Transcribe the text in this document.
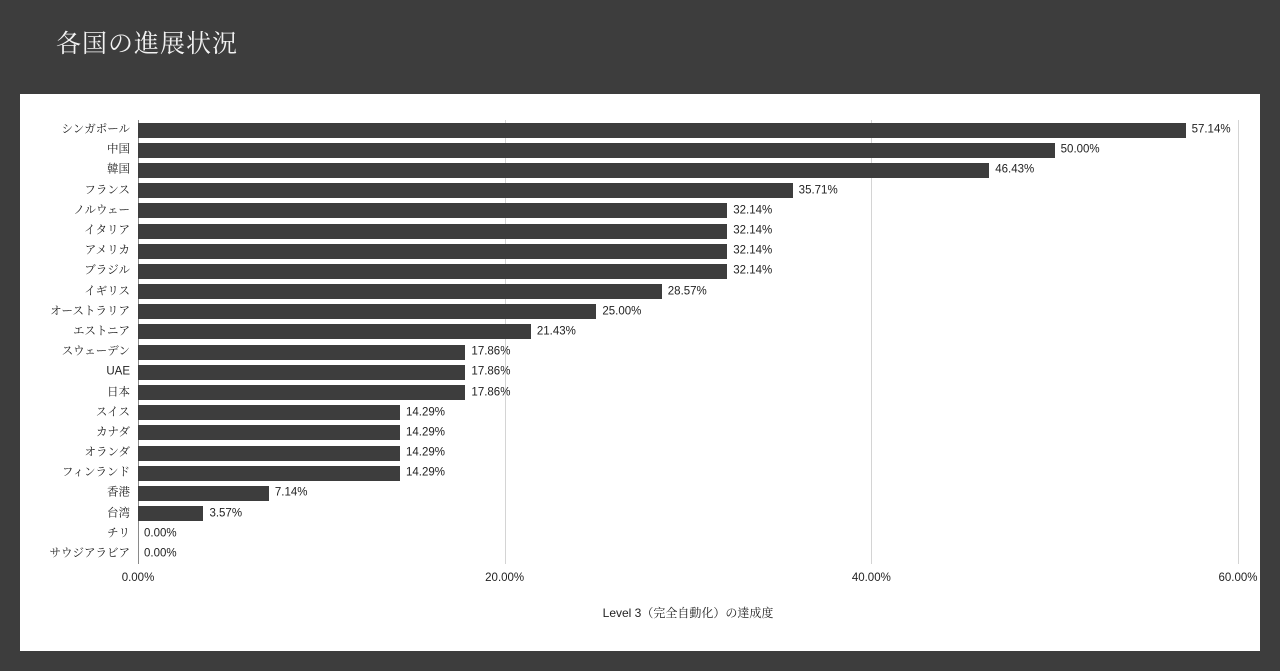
各国の進展状況
シンガポール	57.14%
中国	50.00%
韓国	46.43%
フランス	35.71%
ノルウェー	32.14%
イタリア	32.14%
アメリカ	32.14%
ブラジル	32.14%
イギリス	28.57%
オーストラリア	25.00%
エストニア	21.43%
スウェーデン	17.86%
UAE	17.86%
日本	17.86%
スイス	14.29%
カナダ	14.29%
オランダ	14.29%
フィンランド	14.29%
香港	7.14%
台湾	3.57%
チリ 0.00%
サウジアラビア 0.00%
0.00%	20.00%	40.00%	60.00%
Level 3（完全自動化）の達成度
